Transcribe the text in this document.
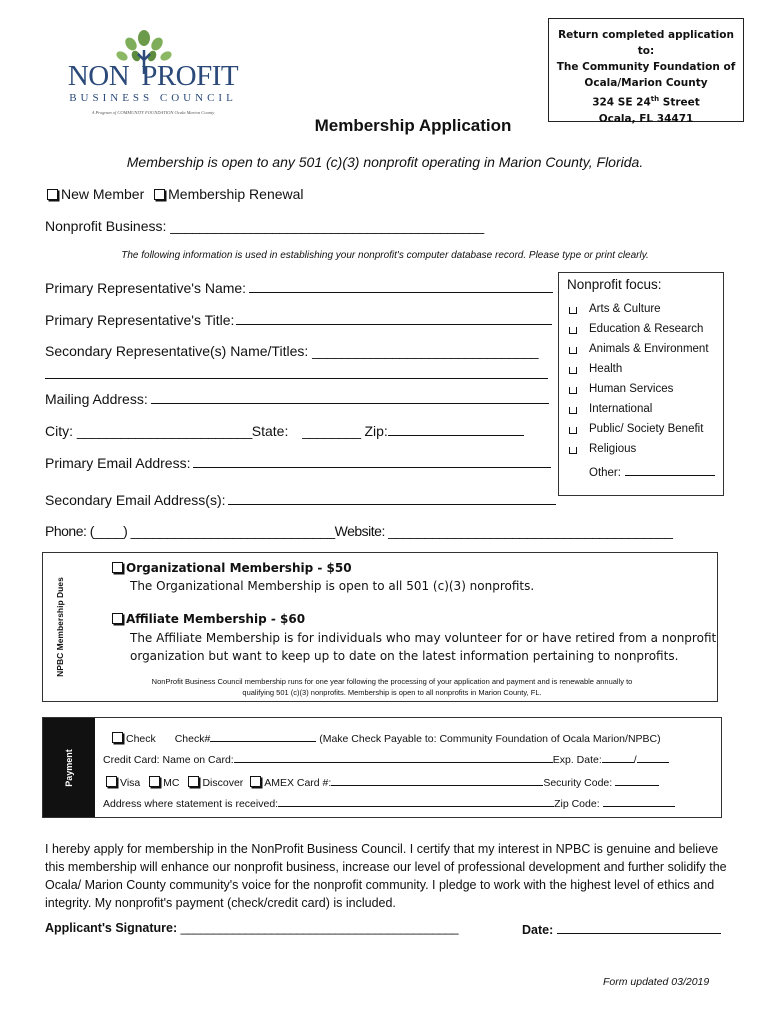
Return completed application to:
The Community Foundation of
Ocala/Marion County
324 SE 24th Street
Ocala, FL 34471
NON PROFIT
BUSINESS COUNCIL
A Program of COMMUNITY FOUNDATION Ocala Marion County
Membership Application
Membership is open to any 501 (c)(3) nonprofit operating in Marion County, Florida.
New Member Membership Renewal
Nonprofit Business: ___________________________________________
The following information is used in establishing your nonprofit's computer database record. Please type or print clearly.
Primary Representative's Name:
Primary Representative's Title:
Secondary Representative(s) Name/Titles: _______________________________
Mailing Address:
City: ________________________State: ________ Zip:
Primary Email Address:
Secondary Email Address(s):
Phone: (____) ____________________________Website: _______________________________________
Nonprofit focus:
Arts & Culture
Education & Research
Animals & Environment
Health
Human Services
International
Public/ Society Benefit
Religious
Other:
NPBC Membership Dues
Organizational Membership - $50
The Organizational Membership is open to all 501 (c)(3) nonprofits.
Affiliate Membership - $60
The Affiliate Membership is for individuals who may volunteer for or have retired from a nonprofit
organization but want to keep up to date on the latest information pertaining to nonprofits.
NonProfit Business Council membership runs for one year following the processing of your application and payment and is renewable annually to
qualifying 501 (c)(3) nonprofits. Membership is open to all nonprofits in Marion County, FL.
Payment
Check Check#	(Make Check Payable to: Community Foundation of Ocala Marion/NPBC)
Credit Card: Name on Card:	Exp. Date:	/
Visa MC Discover AMEX Card #:	Security Code:
Address where statement is received:	Zip Code:
I hereby apply for membership in the NonProfit Business Council. I certify that my interest in NPBC is genuine and believe this membership will enhance our nonprofit business, increase our level of professional development and further solidify the Ocala/ Marion County community's voice for the nonprofit community. I pledge to work with the highest level of ethics and integrity. My nonprofit's payment (check/credit card) is included.
Applicant's Signature: ___________________________________________	Date:
Form updated 03/2019
